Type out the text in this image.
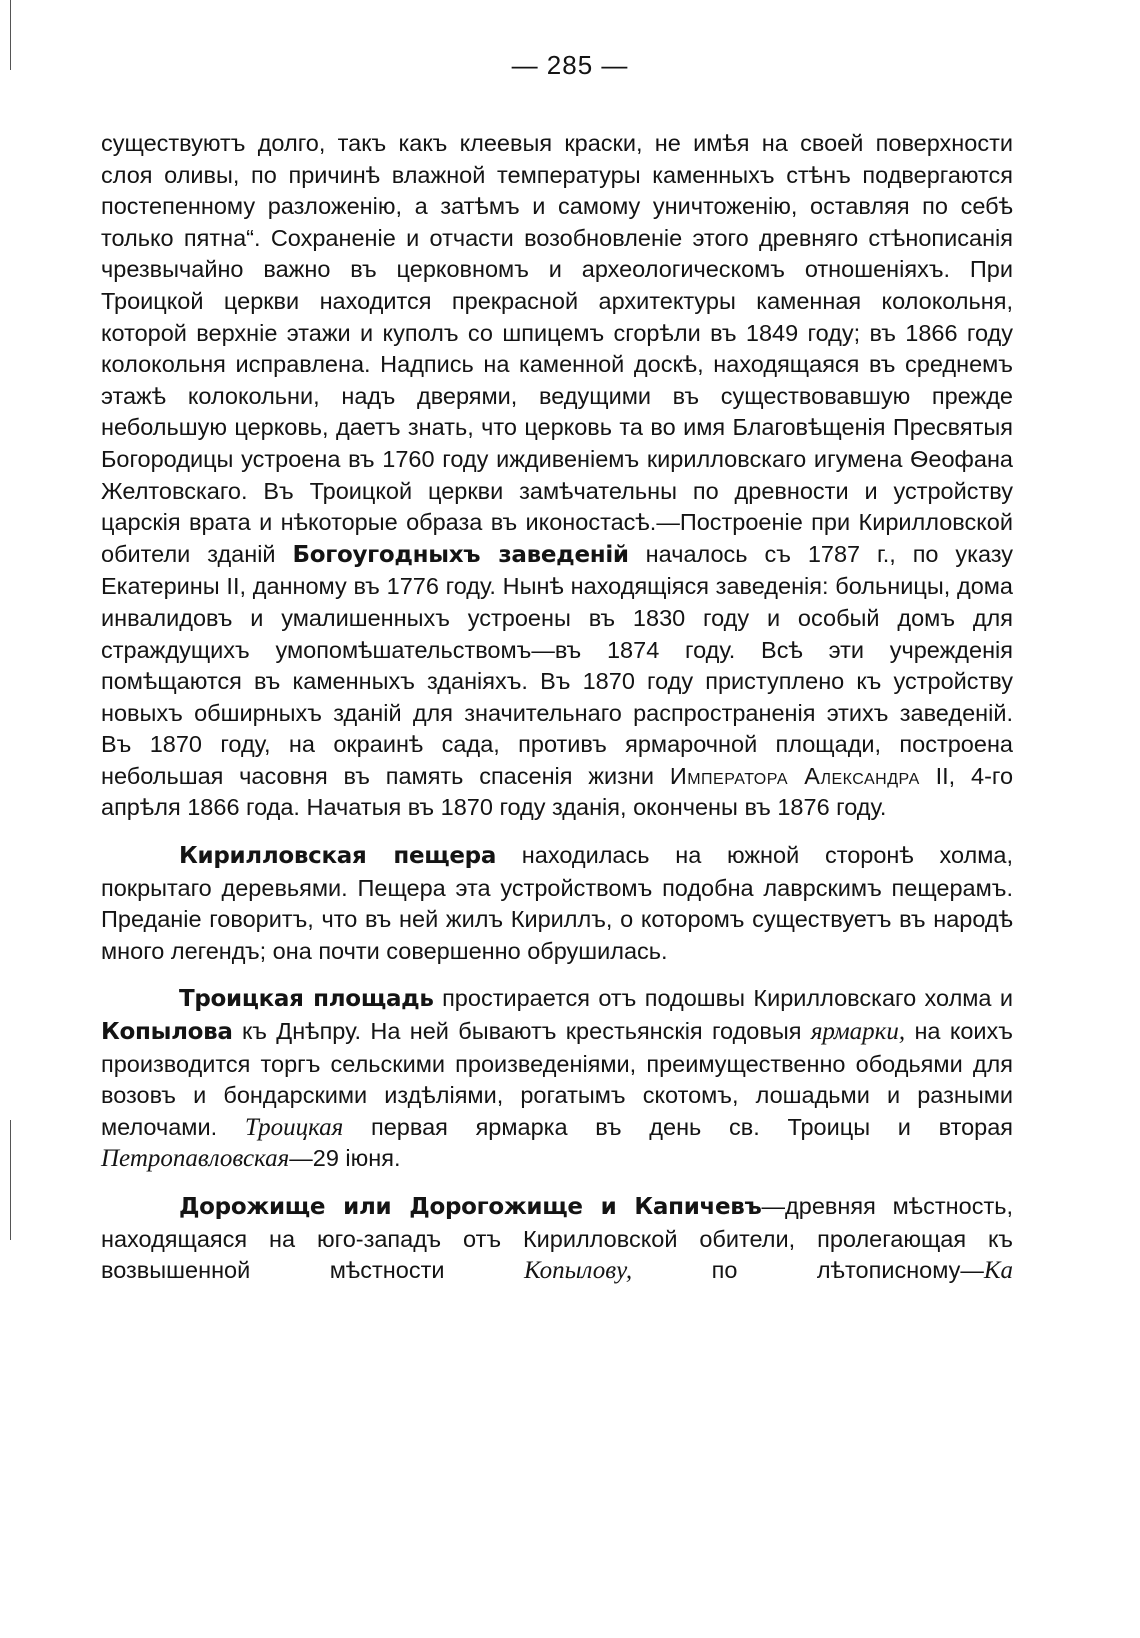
— 285 —

существуютъ долго, такъ какъ клеевыя краски, не имѣя на своей поверхности слоя оливы, по причинѣ влажной температуры каменныхъ стѣнъ подвергаются постепенному разложенію, а затѣмъ и самому уничтоженію, оставляя по себѣ только пятна“. Сохраненіе и отчасти возобновленіе этого древняго стѣнописанія чрезвычайно важно въ церковномъ и археологическомъ отношеніяхъ. При Троицкой церкви находится прекрасной архитектуры каменная колокольня, которой верхніе этажи и куполъ со шпицемъ сгорѣли въ 1849 году; въ 1866 году колокольня исправлена. Надпись на каменной доскѣ, находящаяся въ среднемъ этажѣ колокольни, надъ дверями, ведущими въ существовавшую прежде небольшую церковь, даетъ знать, что церковь та во имя Благовѣщенія Пресвятыя Богородицы устроена въ 1760 году иждивеніемъ кирилловскаго игумена Ѳеофана Желтовскаго. Въ Троицкой церкви замѣчательны по древности и устройству царскія врата и нѣкоторые образа въ иконостасѣ.—Построеніе при Кирилловской обители зданій Богоугодныхъ заведеній началось съ 1787 г., по указу Екатерины II, данному въ 1776 году. Нынѣ находящіяся заведенія: больницы, дома инвалидовъ и умалишенныхъ устроены въ 1830 году и особый домъ для страждущихъ умопомѣшательствомъ—въ 1874 году. Всѣ эти учрежденія помѣщаются въ каменныхъ зданіяхъ. Въ 1870 году приступлено къ устройству новыхъ обширныхъ зданій для значительнаго распространенія этихъ заведеній. Въ 1870 году, на окраинѣ сада, противъ ярмарочной площади, построена небольшая часовня въ память спасенія жизни Императора Александра II, 4-го апрѣля 1866 года. Начатыя въ 1870 году зданія, окончены въ 1876 году.

Кирилловская пещера находилась на южной сторонѣ холма, покрытаго деревьями. Пещера эта устройствомъ подобна лаврскимъ пещерамъ. Преданіе говоритъ, что въ ней жилъ Кириллъ, о которомъ существуетъ въ народѣ много легендъ; она почти совершенно обрушилась.

Троицкая площадь простирается отъ подошвы Кирилловскаго холма и Копылова къ Днѣпру. На ней бываютъ крестьянскія годовыя ярмарки, на коихъ производится торгъ сельскими произведеніями, преимущественно ободьями для возовъ и бондарскими издѣліями, рогатымъ скотомъ, лошадьми и разными мелочами. Троицкая первая ярмарка въ день св. Троицы и вторая Петропавловская—29 іюня.

Дорожище или Дорогожище и Капичевъ—древняя мѣстность, находящаяся на юго-западъ отъ Кирилловской обители, пролегающая къ возвышенной мѣстности	Копылову,	по лѣтописному—Ка
